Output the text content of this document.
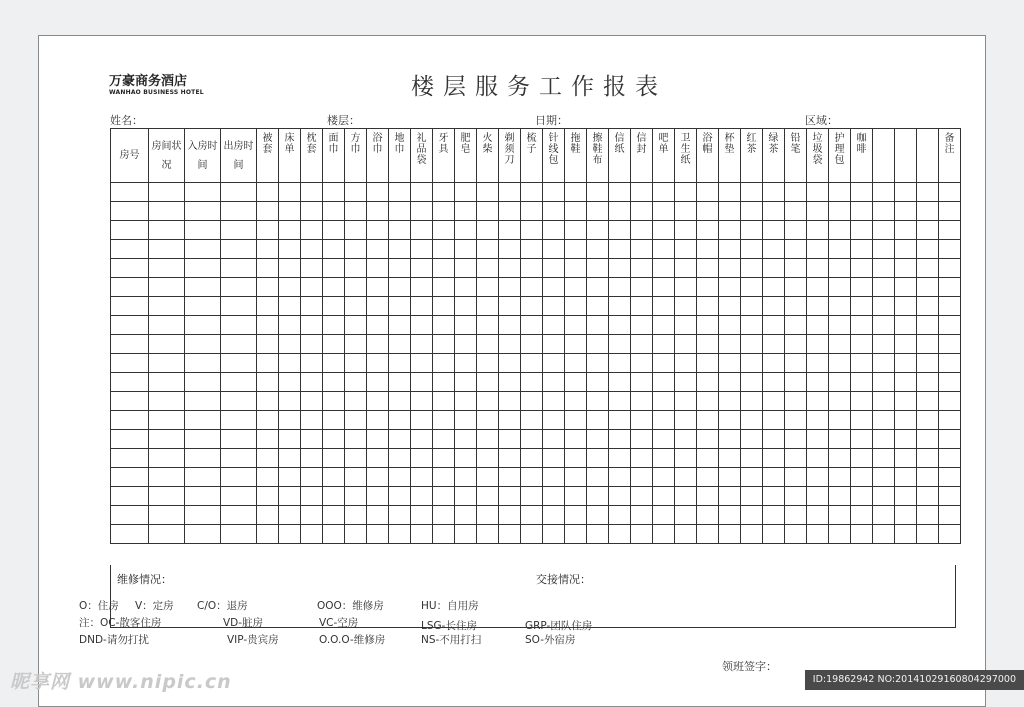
万豪商务酒店
WANHAO BUSINESS HOTEL	楼层服务工作报表
姓名：	楼层：	日期：	区域：
房号	房间状况	入房时间	出房时间	被套	床单	枕套	面巾	方巾	浴巾	地巾	礼品袋	牙具	肥皂	火柴	剃须刀	梳子	针线包	拖鞋	擦鞋布	信纸	信封	吧单	卫生纸	浴帽	杯垫	红茶	绿茶	铅笔	垃圾袋	护理包	咖啡				备注

维修情况：	交接情况：
O：住房 V：定房 C/O：退房	OOO：维修房	HU：自用房
注：OC-散客住房	VD-脏房	VC-空房	LSG-长住房	GRP-团队住房
DND-请勿打扰	VIP-贵宾房	O.O.O-维修房	NS-不用打扫	SO-外宿房
领班签字：
昵享网 www.nipic.cn	ID:19862942 NO:20141029160804297000
